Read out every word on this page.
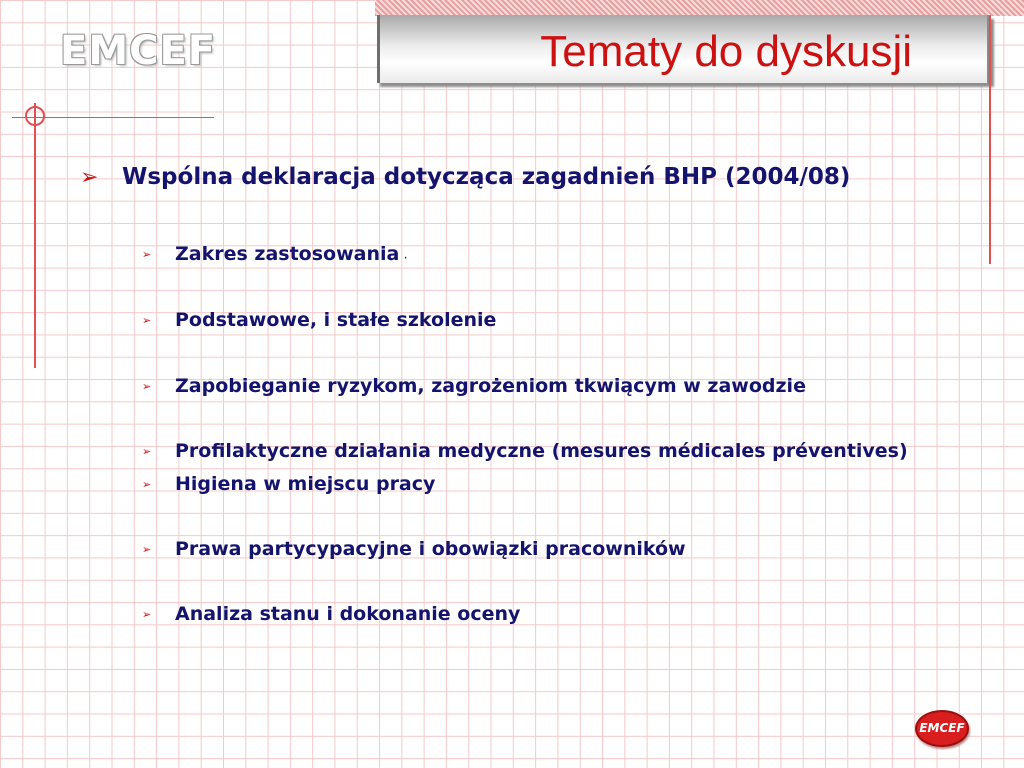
Tematy do dyskusji
EMCEF
➢ Wspólna deklaracja dotycząca zagadnień BHP (2004/08)
➢ Zakres zastosowania .
➢ Podstawowe, i stałe szkolenie
➢ Zapobieganie ryzykom, zagrożeniom tkwiącym w zawodzie
➢ Profilaktyczne działania medyczne (mesures médicales préventives)
➢ Higiena w miejscu pracy
➢ Prawa partycypacyjne i obowiązki pracowników
➢ Analiza stanu i dokonanie oceny
EMCEF
